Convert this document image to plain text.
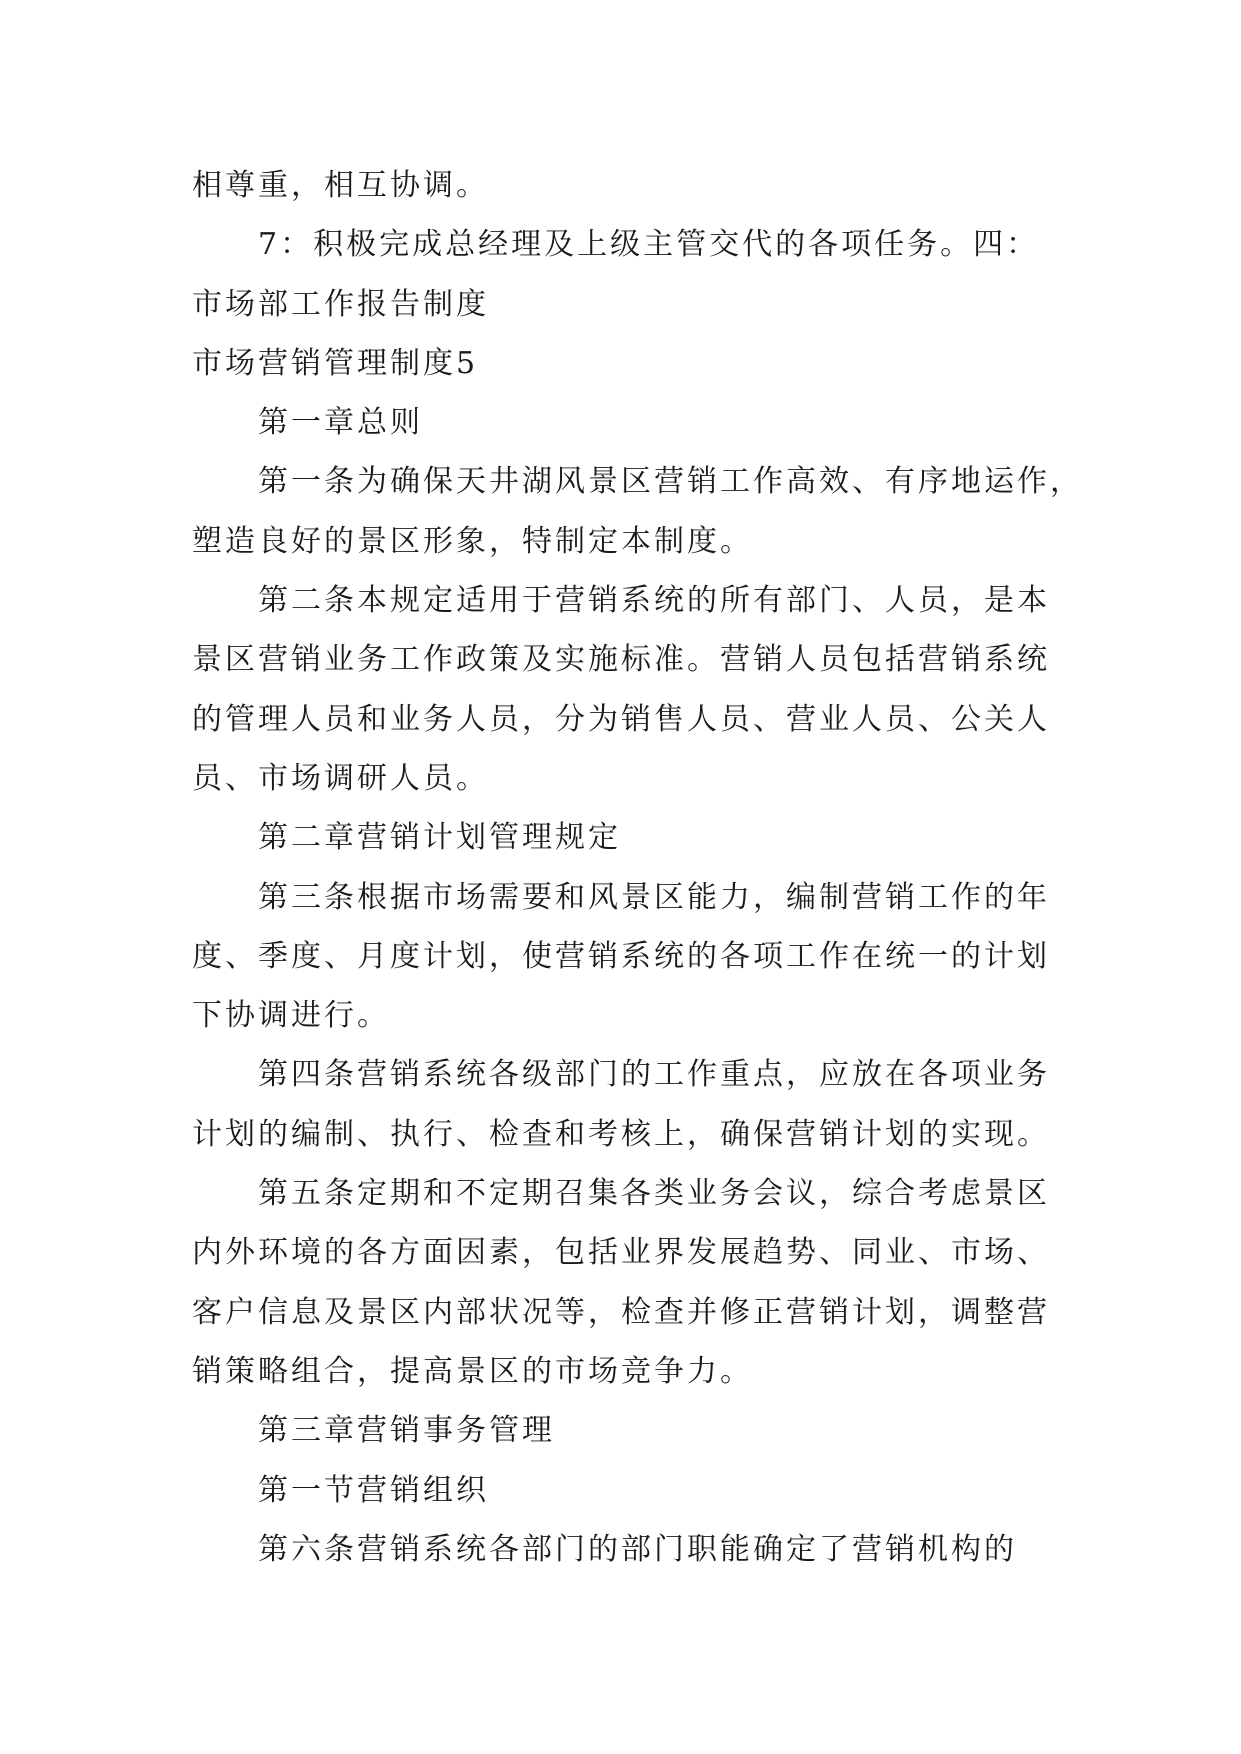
相尊重，相互协调。
7：积极完成总经理及上级主管交代的各项任务。四：
市场部工作报告制度
市场营销管理制度5
第一章总则
第一条为确保天井湖风景区营销工作高效、有序地运作，
塑造良好的景区形象，特制定本制度。
第二条本规定适用于营销系统的所有部门、人员，是本
景区营销业务工作政策及实施标准。营销人员包括营销系统
的管理人员和业务人员，分为销售人员、营业人员、公关人
员、市场调研人员。
第二章营销计划管理规定
第三条根据市场需要和风景区能力，编制营销工作的年
度、季度、月度计划，使营销系统的各项工作在统一的计划
下协调进行。
第四条营销系统各级部门的工作重点，应放在各项业务
计划的编制、执行、检查和考核上，确保营销计划的实现。
第五条定期和不定期召集各类业务会议，综合考虑景区
内外环境的各方面因素，包括业界发展趋势、同业、市场、
客户信息及景区内部状况等，检查并修正营销计划，调整营
销策略组合，提高景区的市场竞争力。
第三章营销事务管理
第一节营销组织
第六条营销系统各部门的部门职能确定了营销机构的
